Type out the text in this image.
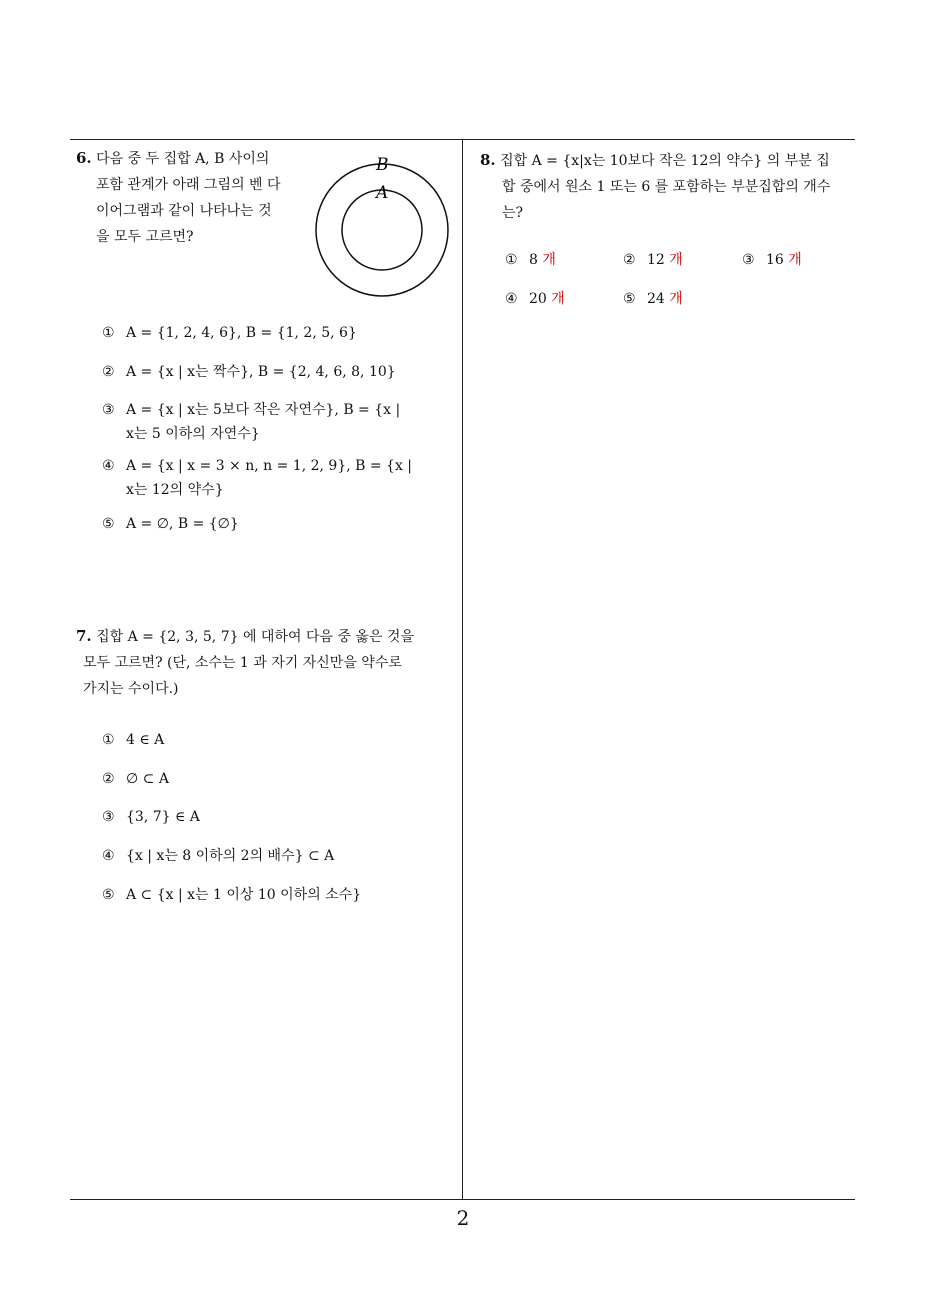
6. 다음 중 두 집합 A, B 사이의
포함 관계가 아래 그림의 벤 다
이어그램과 같이 나타나는 것
을 모두 고르면?
B
A
① A = {1, 2, 4, 6}, B = {1, 2, 5, 6}
② A = {x | x는 짝수}, B = {2, 4, 6, 8, 10}
③ A = {x | x는 5보다 작은 자연수}, B = {x |
x는 5 이하의 자연수}
④ A = {x | x = 3 × n, n = 1, 2, 9}, B = {x |
x는 12의 약수}
⑤ A = ∅, B = {∅}
7. 집합 A = {2, 3, 5, 7} 에 대하여 다음 중 옳은 것을
모두 고르면? (단, 소수는 1 과 자기 자신만을 약수로
가지는 수이다.)
① 4 ∈ A
② ∅ ⊂ A
③ {3, 7} ∈ A
④ {x | x는 8 이하의 2의 배수} ⊂ A
⑤ A ⊂ {x | x는 1 이상 10 이하의 소수}
8. 집합 A = {x|x는 10보다 작은 12의 약수} 의 부분 집
합 중에서 원소 1 또는 6 를 포함하는 부분집합의 개수
는?
① 8 개	② 12 개	③ 16 개
④ 20 개	⑤ 24 개
2
